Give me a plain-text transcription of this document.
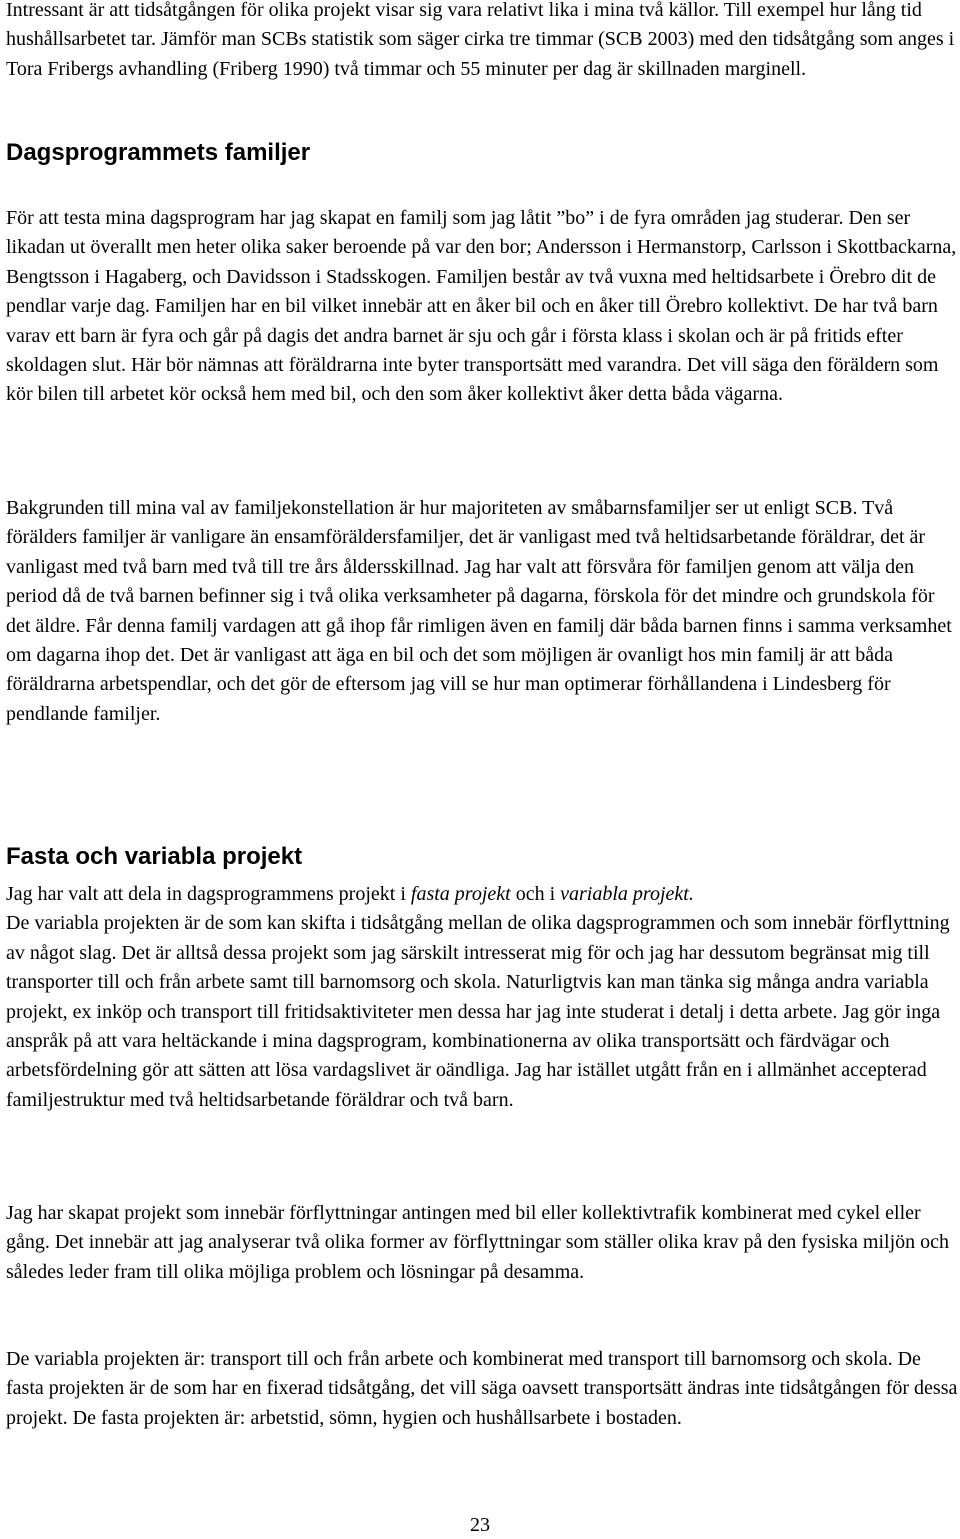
Intressant är att tidsåtgången för olika projekt visar sig vara relativt lika i mina två källor. Till exempel hur lång tid hushållsarbetet tar. Jämför man SCBs statistik som säger cirka tre timmar (SCB 2003) med den tidsåtgång som anges i Tora Fribergs avhandling (Friberg 1990) två timmar och 55 minuter per dag är skillnaden marginell.

Dagsprogrammets familjer

För att testa mina dagsprogram har jag skapat en familj som jag låtit ”bo” i de fyra områden jag studerar. Den ser likadan ut överallt men heter olika saker beroende på var den bor; Andersson i Hermanstorp, Carlsson i Skottbackarna, Bengtsson i Hagaberg, och Davidsson i Stadsskogen. Familjen består av två vuxna med heltidsarbete i Örebro dit de pendlar varje dag. Familjen har en bil vilket innebär att en åker bil och en åker till Örebro kollektivt. De har två barn varav ett barn är fyra och går på dagis det andra barnet är sju och går i första klass i skolan och är på fritids efter skoldagen slut. Här bör nämnas att föräldrarna inte byter transportsätt med varandra. Det vill säga den föräldern som kör bilen till arbetet kör också hem med bil, och den som åker kollektivt åker detta båda vägarna.

Bakgrunden till mina val av familjekonstellation är hur majoriteten av småbarnsfamiljer ser ut enligt SCB. Två förälders familjer är vanligare än ensamföräldersfamiljer, det är vanligast med två heltidsarbetande föräldrar, det är vanligast med två barn med två till tre års åldersskillnad. Jag har valt att försvåra för familjen genom att välja den period då de två barnen befinner sig i två olika verksamheter på dagarna, förskola för det mindre och grundskola för det äldre. Får denna familj vardagen att gå ihop får rimligen även en familj där båda barnen finns i samma verksamhet om dagarna ihop det. Det är vanligast att äga en bil och det som möjligen är ovanligt hos min familj är att båda föräldrarna arbetspendlar, och det gör de eftersom jag vill se hur man optimerar förhållandena i Lindesberg för pendlande familjer.

Fasta och variabla projekt
Jag har valt att dela in dagsprogrammens projekt i fasta projekt och i variabla projekt.
De variabla projekten är de som kan skifta i tidsåtgång mellan de olika dagsprogrammen och som innebär förflyttning av något slag. Det är alltså dessa projekt som jag särskilt intresserat mig för och jag har dessutom begränsat mig till transporter till och från arbete samt till barnomsorg och skola. Naturligtvis kan man tänka sig många andra variabla projekt, ex inköp och transport till fritidsaktiviteter men dessa har jag inte studerat i detalj i detta arbete. Jag gör inga anspråk på att vara heltäckande i mina dagsprogram, kombinationerna av olika transportsätt och färdvägar och arbetsfördelning gör att sätten att lösa vardagslivet är oändliga. Jag har istället utgått från en i allmänhet accepterad familjestruktur med två heltidsarbetande föräldrar och två barn.

Jag har skapat projekt som innebär förflyttningar antingen med bil eller kollektivtrafik kombinerat med cykel eller gång. Det innebär att jag analyserar två olika former av förflyttningar som ställer olika krav på den fysiska miljön och således leder fram till olika möjliga problem och lösningar på desamma.

De variabla projekten är: transport till och från arbete och kombinerat med transport till barnomsorg och skola. De fasta projekten är de som har en fixerad tidsåtgång, det vill säga oavsett transportsätt ändras inte tidsåtgången för dessa projekt. De fasta projekten är: arbetstid, sömn, hygien och hushållsarbete i bostaden.

23
